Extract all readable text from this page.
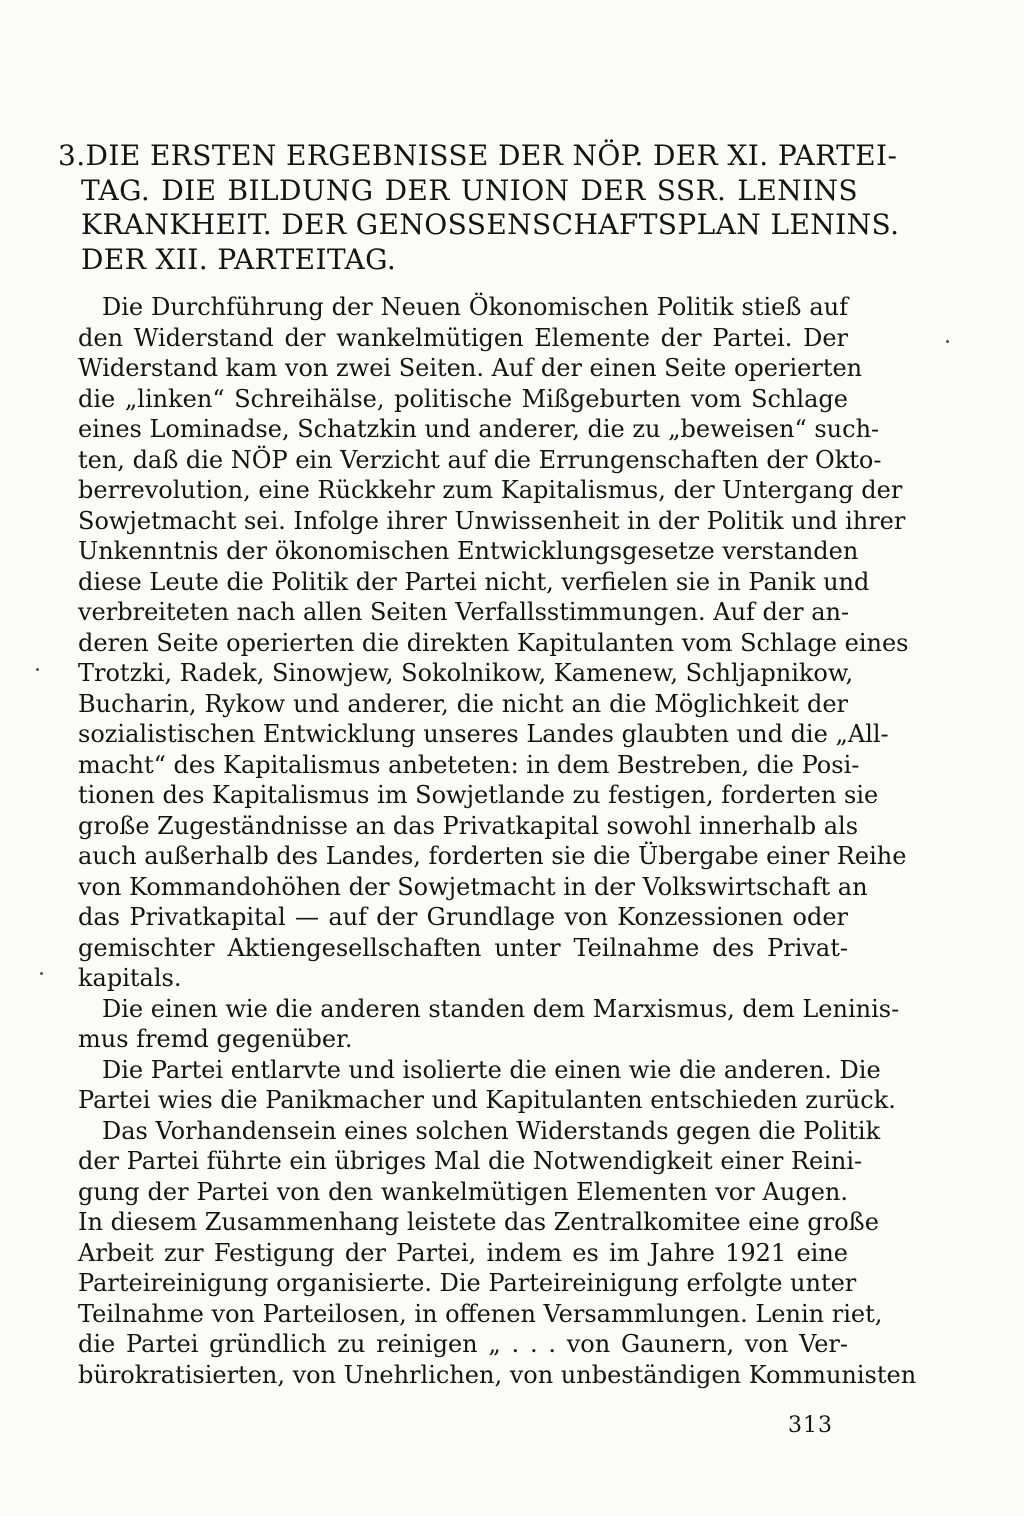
3.DIE ERSTEN ERGEBNISSE DER NÖP. DER XI. PARTEI-
TAG. DIE BILDUNG DER UNION DER SSR. LENINS
KRANKHEIT. DER GENOSSENSCHAFTSPLAN LENINS.
DER XII. PARTEITAG.
Die Durchführung der Neuen Ökonomischen Politik stieß auf
den Widerstand der wankelmütigen Elemente der Partei. Der
Widerstand kam von zwei Seiten. Auf der einen Seite operierten
die „linken“ Schreihälse, politische Mißgeburten vom Schlage
eines Lominadse, Schatzkin und anderer, die zu „beweisen“ such-
ten, daß die NÖP ein Verzicht auf die Errungenschaften der Okto-
berrevolution, eine Rückkehr zum Kapitalismus, der Untergang der
Sowjetmacht sei. Infolge ihrer Unwissenheit in der Politik und ihrer
Unkenntnis der ökonomischen Entwicklungsgesetze verstanden
diese Leute die Politik der Partei nicht, verfielen sie in Panik und
verbreiteten nach allen Seiten Verfallsstimmungen. Auf der an-
deren Seite operierten die direkten Kapitulanten vom Schlage eines
Trotzki, Radek, Sinowjew, Sokolnikow, Kamenew, Schljapnikow,
Bucharin, Rykow und anderer, die nicht an die Möglichkeit der
sozialistischen Entwicklung unseres Landes glaubten und die „All-
macht“ des Kapitalismus anbeteten: in dem Bestreben, die Posi-
tionen des Kapitalismus im Sowjetlande zu festigen, forderten sie
große Zugeständnisse an das Privatkapital sowohl innerhalb als
auch außerhalb des Landes, forderten sie die Übergabe einer Reihe
von Kommandohöhen der Sowjetmacht in der Volkswirtschaft an
das Privatkapital — auf der Grundlage von Konzessionen oder
gemischter Aktiengesellschaften unter Teilnahme des Privat-
kapitals.
Die einen wie die anderen standen dem Marxismus, dem Leninis-
mus fremd gegenüber.
Die Partei entlarvte und isolierte die einen wie die anderen. Die
Partei wies die Panikmacher und Kapitulanten entschieden zurück.
Das Vorhandensein eines solchen Widerstands gegen die Politik
der Partei führte ein übriges Mal die Notwendigkeit einer Reini-
gung der Partei von den wankelmütigen Elementen vor Augen.
In diesem Zusammenhang leistete das Zentralkomitee eine große
Arbeit zur Festigung der Partei, indem es im Jahre 1921 eine
Parteireinigung organisierte. Die Parteireinigung erfolgte unter
Teilnahme von Parteilosen, in offenen Versammlungen. Lenin riet,
die Partei gründlich zu reinigen „ . . . von Gaunern, von Ver-
bürokratisierten, von Unehrlichen, von unbeständigen Kommunisten
313
